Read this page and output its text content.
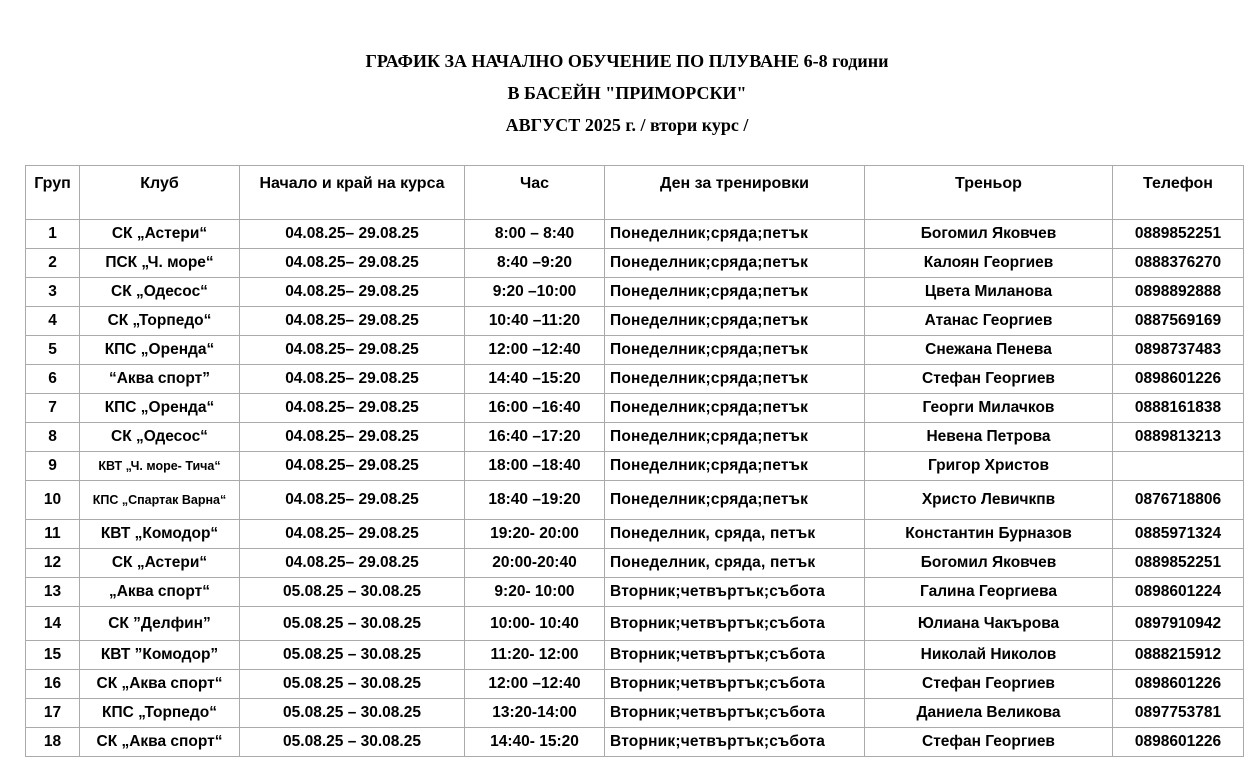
ГРАФИК ЗА НАЧАЛНО ОБУЧЕНИЕ ПО ПЛУВАНЕ 6-8 години
В БАСЕЙН "ПРИМОРСКИ"
АВГУСТ 2025 г. / втори курс /
Груп	Клуб	Начало и край на курса	Час	Ден за тренировки	Треньор	Телефон
1	СК „Астери“	04.08.25– 29.08.25	8:00 – 8:40	Понеделник;сряда;петък	Богомил Яковчев	0889852251
2	ПСК „Ч. море“	04.08.25– 29.08.25	8:40 –9:20	Понеделник;сряда;петък	Калоян Георгиев	0888376270
3	СК „Одесос“	04.08.25– 29.08.25	9:20 –10:00	Понеделник;сряда;петък	Цвета Миланова	0898892888
4	СК „Торпедо“	04.08.25– 29.08.25	10:40 –11:20	Понеделник;сряда;петък	Атанас Георгиев	0887569169
5	КПС „Оренда“	04.08.25– 29.08.25	12:00 –12:40	Понеделник;сряда;петък	Снежана Пенева	0898737483
6	“Аква спорт”	04.08.25– 29.08.25	14:40 –15:20	Понеделник;сряда;петък	Стефан Георгиев	0898601226
7	КПС „Оренда“	04.08.25– 29.08.25	16:00 –16:40	Понеделник;сряда;петък	Георги Милачков	0888161838
8	СК „Одесос“	04.08.25– 29.08.25	16:40 –17:20	Понеделник;сряда;петък	Невена Петрова	0889813213
9	КВТ „Ч. море- Тича“	04.08.25– 29.08.25	18:00 –18:40	Понеделник;сряда;петък	Григор Христов	
10	КПС „Спартак Варна“	04.08.25– 29.08.25	18:40 –19:20	Понеделник;сряда;петък	Христо Левичкпв	0876718806
11	КВТ „Комодор“	04.08.25– 29.08.25	19:20- 20:00	Понеделник, сряда, петък	Константин Бурназов	0885971324
12	СК „Астери“	04.08.25– 29.08.25	20:00-20:40	Понеделник, сряда, петък	Богомил Яковчев	0889852251
13	„Аква спорт“	05.08.25 – 30.08.25	9:20- 10:00	Вторник;четвъртък;събота	Галина Георгиева	0898601224
14	СК ”Делфин”	05.08.25 – 30.08.25	10:00- 10:40	Вторник;четвъртък;събота	Юлиана Чакърова	0897910942
15	КВТ ”Комодор”	05.08.25 – 30.08.25	11:20- 12:00	Вторник;четвъртък;събота	Николай Николов	0888215912
16	СК „Аква спорт“	05.08.25 – 30.08.25	12:00 –12:40	Вторник;четвъртък;събота	Стефан Георгиев	0898601226
17	КПС „Торпедо“	05.08.25 – 30.08.25	13:20-14:00	Вторник;четвъртък;събота	Даниела Великова	0897753781
18	СК „Аква спорт“	05.08.25 – 30.08.25	14:40- 15:20	Вторник;четвъртък;събота	Стефан Георгиев	0898601226
